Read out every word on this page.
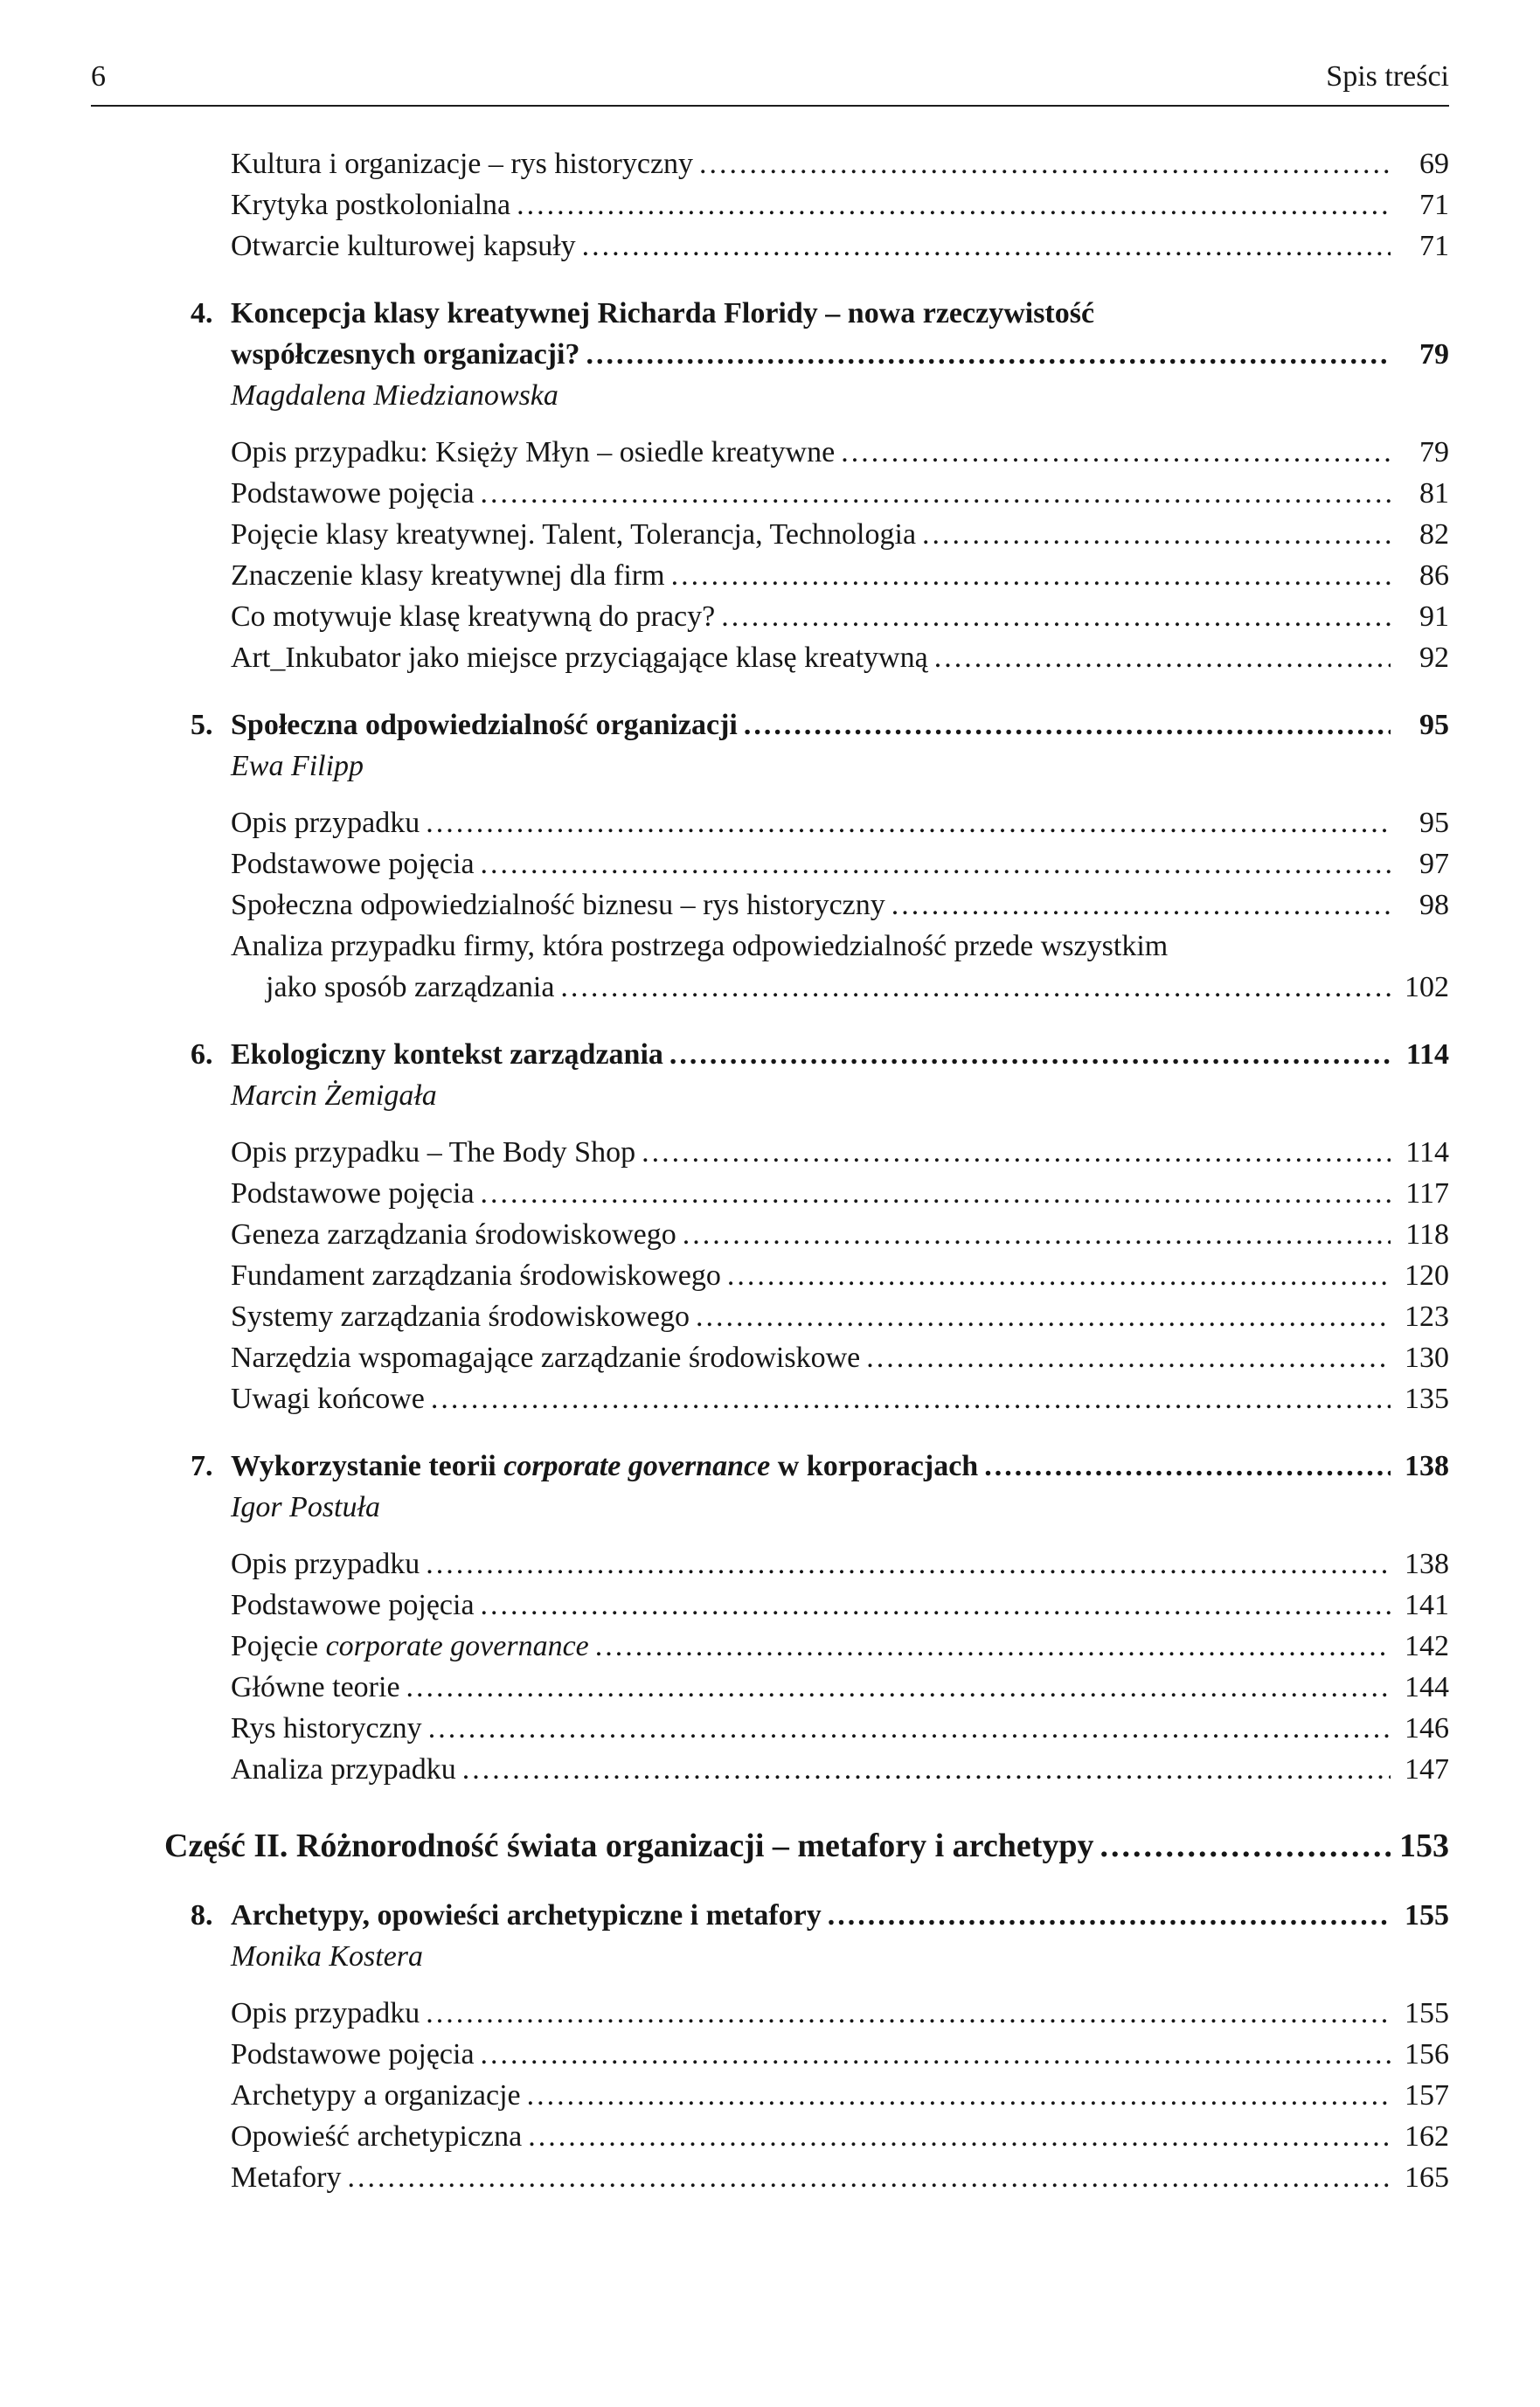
6	Spis treści
Kultura i organizacje – rys historyczny .....	69
Krytyka postkolonialna .....	71
Otwarcie kulturowej kapsuły .....	71
4. Koncepcja klasy kreatywnej Richarda Floridy – nowa rzeczywistość
współczesnych organizacji? .....	79
Magdalena Miedzianowska
Opis przypadku: Księży Młyn – osiedle kreatywne .....	79
Podstawowe pojęcia .....	81
Pojęcie klasy kreatywnej. Talent, Tolerancja, Technologia .....	82
Znaczenie klasy kreatywnej dla firm .....	86
Co motywuje klasę kreatywną do pracy? .....	91
Art_Inkubator jako miejsce przyciągające klasę kreatywną .....	92
5. Społeczna odpowiedzialność organizacji .....	95
Ewa Filipp
Opis przypadku .....	95
Podstawowe pojęcia .....	97
Społeczna odpowiedzialność biznesu – rys historyczny .....	98
Analiza przypadku firmy, która postrzega odpowiedzialność przede wszystkim
jako sposób zarządzania .....	102
6. Ekologiczny kontekst zarządzania .....	114
Marcin Żemigała
Opis przypadku – The Body Shop .....	114
Podstawowe pojęcia .....	117
Geneza zarządzania środowiskowego .....	118
Fundament zarządzania środowiskowego .....	120
Systemy zarządzania środowiskowego .....	123
Narzędzia wspomagające zarządzanie środowiskowe .....	130
Uwagi końcowe .....	135
7. Wykorzystanie teorii corporate governance w korporacjach .....	138
Igor Postuła
Opis przypadku .....	138
Podstawowe pojęcia .....	141
Pojęcie corporate governance .....	142
Główne teorie .....	144
Rys historyczny .....	146
Analiza przypadku .....	147
Część II. Różnorodność świata organizacji – metafory i archetypy .....	153
8. Archetypy, opowieści archetypiczne i metafory .....	155
Monika Kostera
Opis przypadku .....	155
Podstawowe pojęcia .....	156
Archetypy a organizacje .....	157
Opowieść archetypiczna .....	162
Metafory .....	165
